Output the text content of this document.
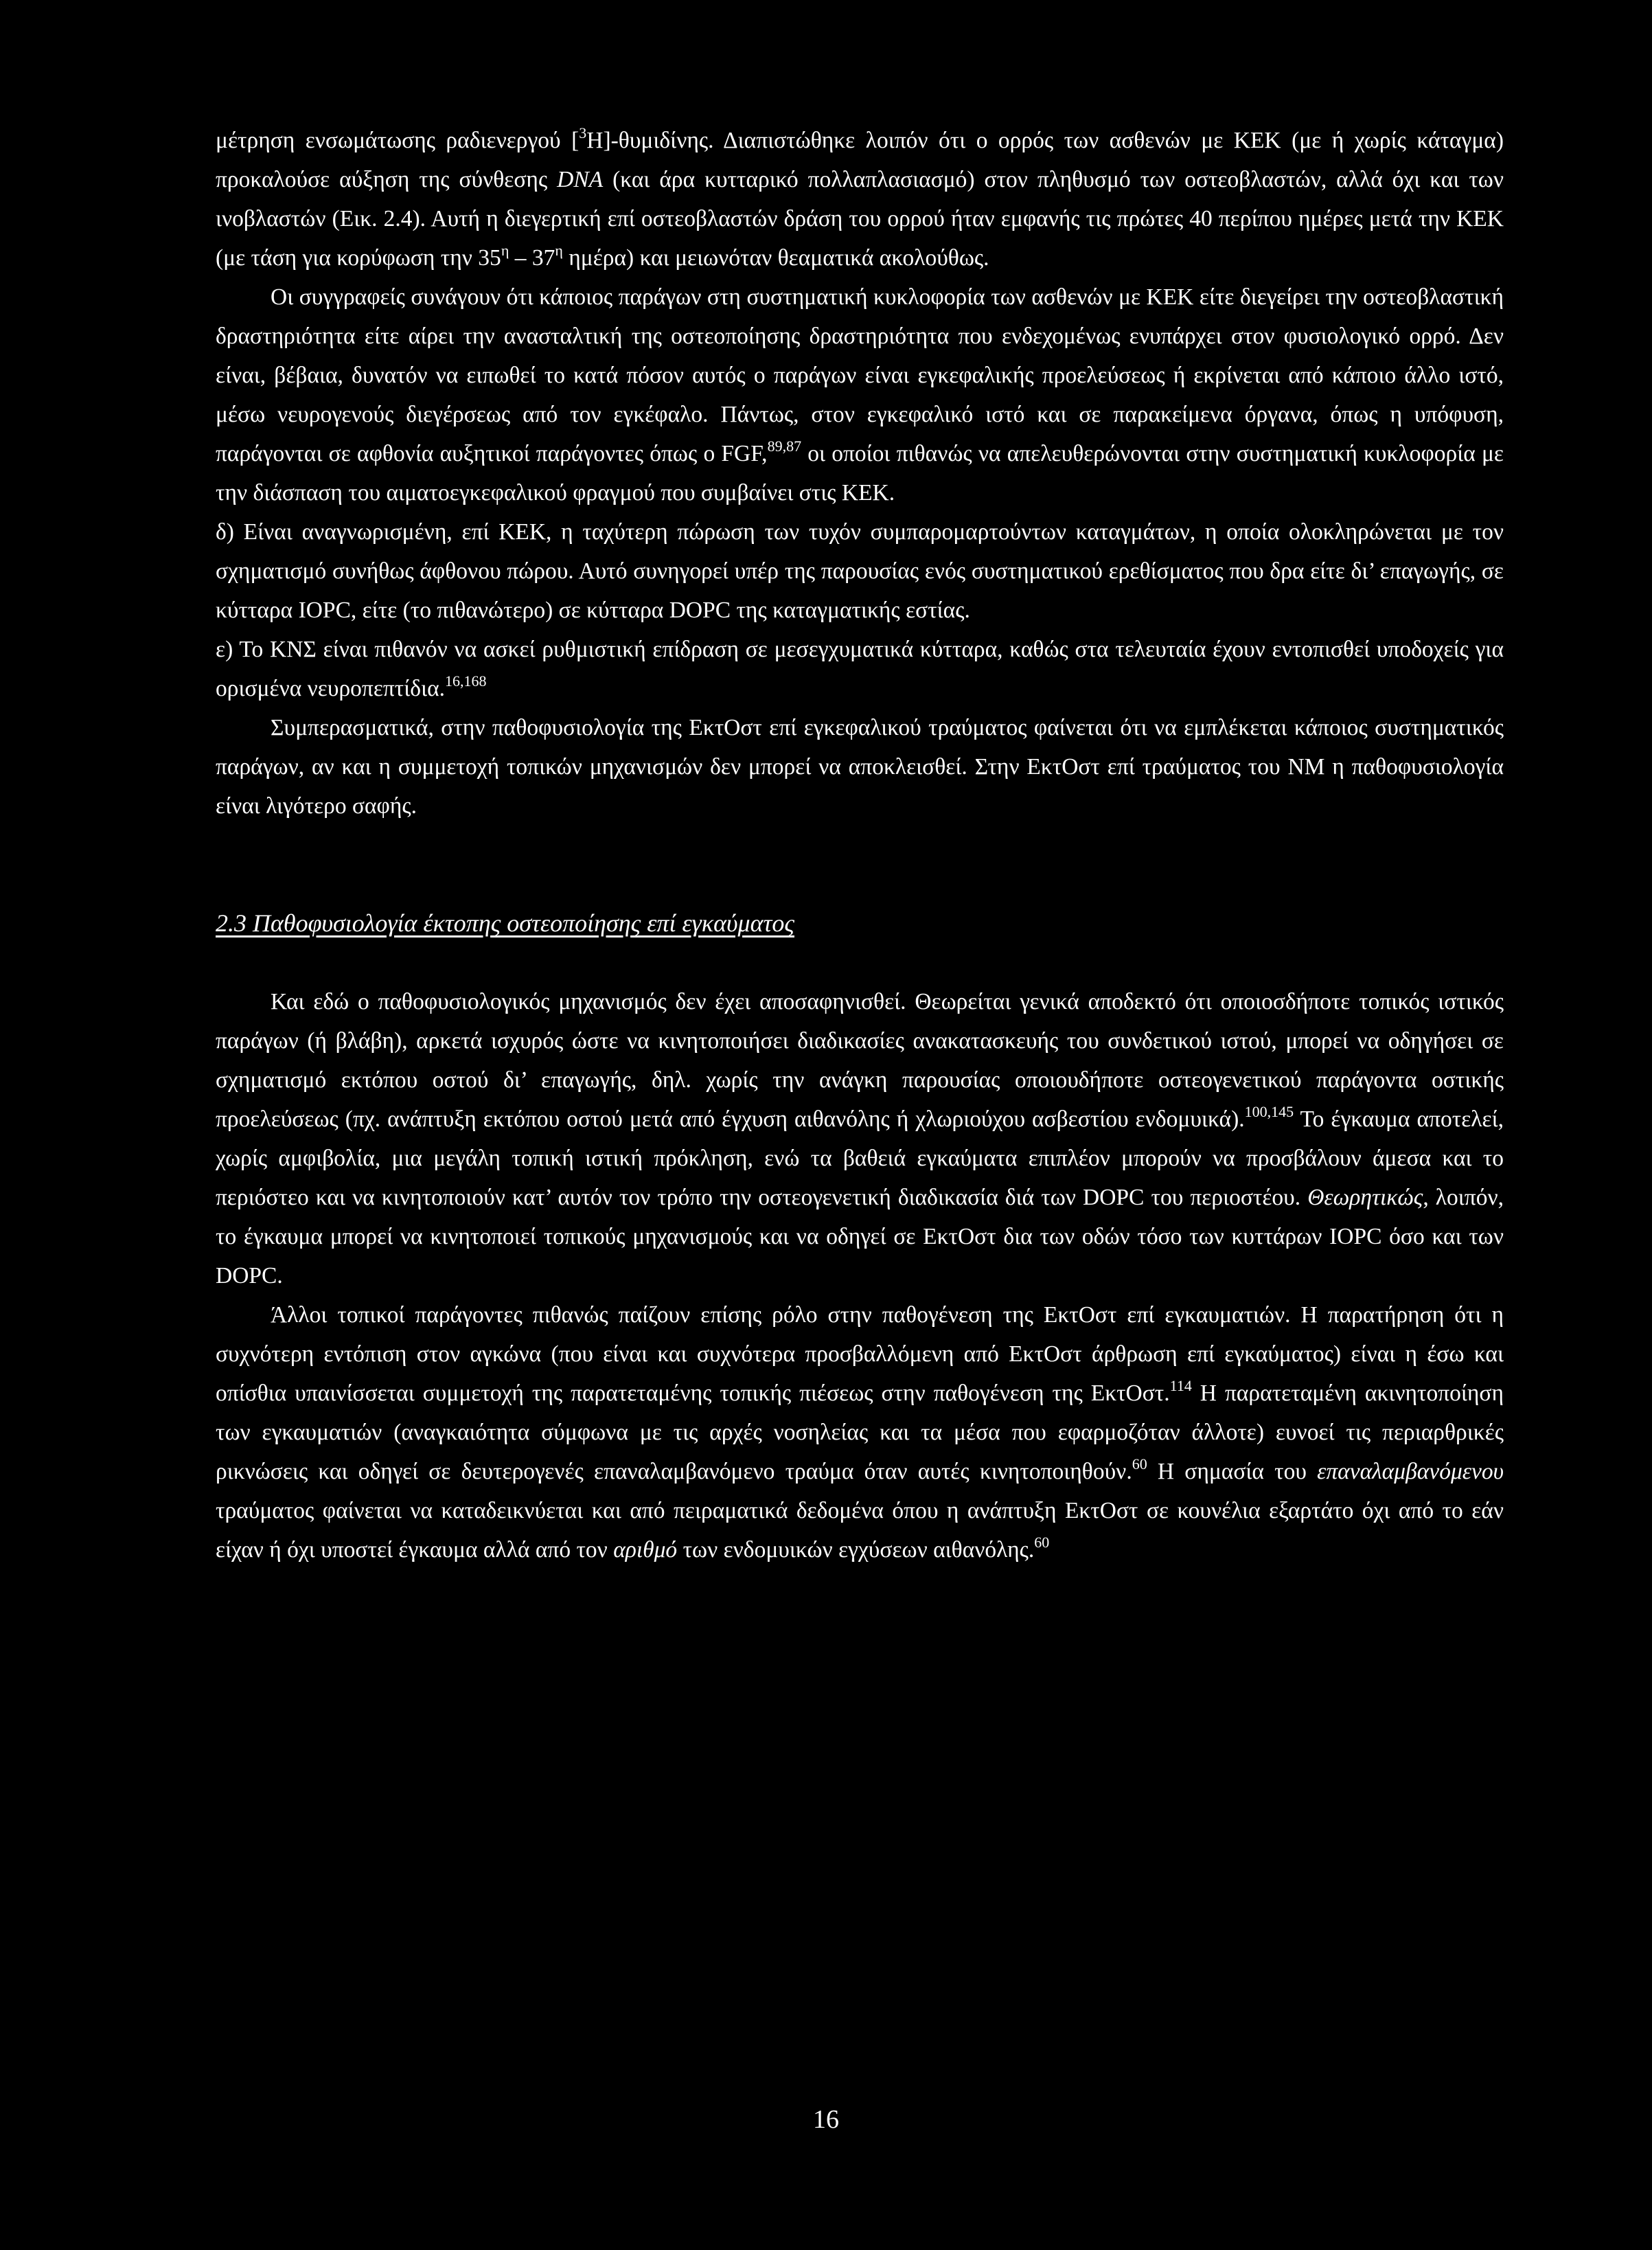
μέτρηση ενσωμάτωσης ραδιενεργού [$^3$Η]-θυμιδίνης. Διαπιστώθηκε λοιπόν ότι ο ορρός των ασθενών με ΚΕΚ (με ή χωρίς κάταγμα) προκαλούσε αύξηση της σύνθεσης DNA (και άρα κυτταρικό πολλαπλασιασμό) στον πληθυσμό των οστεοβλαστών, αλλά όχι και των ινοβλαστών (Εικ. 2.4). Αυτή η διεγερτική επί οστεοβλαστών δράση του ορρού ήταν εμφανής τις πρώτες 40 περίπου ημέρες μετά την ΚΕΚ (με τάση για κορύφωση την $35^\eta - 37^\eta$ ημέρα) και μειωνόταν θεαματικά ακολούθως.

Οι συγγραφείς συνάγουν ότι κάποιος παράγων στη συστηματική κυκλοφορία των ασθενών με ΚΕΚ είτε διεγείρει την οστεοβλαστική δραστηριότητα είτε αίρει την ανασταλτική της οστεοποίησης δραστηριότητα που ενδεχομένως ενυπάρχει στον φυσιολογικό ορρό. Δεν είναι, βέβαια, δυνατόν να ειπωθεί το κατά πόσον αυτός ο παράγων είναι εγκεφαλικής προελεύσεως ή εκρίνεται από κάποιο άλλο ιστό, μέσω νευρογενούς διεγέρσεως από τον εγκέφαλο. Πάντως, στον εγκεφαλικό ιστό και σε παρακείμενα όργανα, όπως η υπόφυση, παράγονται σε αφθονία αυξητικοί παράγοντες όπως ο FGF,$^{89,87}$ οι οποίοι πιθανώς να απελευθερώνονται στην συστηματική κυκλοφορία με την διάσπαση του αιματοεγκεφαλικού φραγμού που συμβαίνει στις ΚΕΚ.

δ) Είναι αναγνωρισμένη, επί ΚΕΚ, η ταχύτερη πώρωση των τυχόν συμπαρομαρτούντων καταγμάτων, η οποία ολοκληρώνεται με τον σχηματισμό συνήθως άφθονου πώρου. Αυτό συνηγορεί υπέρ της παρουσίας ενός συστηματικού ερεθίσματος που δρα είτε δι’ επαγωγής, σε κύτταρα IOPC, είτε (το πιθανώτερο) σε κύτταρα DOPC της καταγματικής εστίας.

ε) Το ΚΝΣ είναι πιθανόν να ασκεί ρυθμιστική επίδραση σε μεσεγχυματικά κύτταρα, καθώς στα τελευταία έχουν εντοπισθεί υποδοχείς για ορισμένα νευροπεπτίδια.$^{16,168}$

Συμπερασματικά, στην παθοφυσιολογία της ΕκτΟστ επί εγκεφαλικού τραύματος φαίνεται ότι να εμπλέκεται κάποιος συστηματικός παράγων, αν και η συμμετοχή τοπικών μηχανισμών δεν μπορεί να αποκλεισθεί. Στην ΕκτΟστ επί τραύματος του ΝΜ η παθοφυσιολογία είναι λιγότερο σαφής.

2.3 Παθοφυσιολογία έκτοπης οστεοποίησης επί εγκαύματος

Και εδώ ο παθοφυσιολογικός μηχανισμός δεν έχει αποσαφηνισθεί. Θεωρείται γενικά αποδεκτό ότι οποιοσδήποτε τοπικός ιστικός παράγων (ή βλάβη), αρκετά ισχυρός ώστε να κινητοποιήσει διαδικασίες ανακατασκευής του συνδετικού ιστού, μπορεί να οδηγήσει σε σχηματισμό εκτόπου οστού δι’ επαγωγής, δηλ. χωρίς την ανάγκη παρουσίας οποιουδήποτε οστεογενετικού παράγοντα οστικής προελεύσεως (πχ. ανάπτυξη εκτόπου οστού μετά από έγχυση αιθανόλης ή χλωριούχου ασβεστίου ενδομυικά).$^{100,145}$ Το έγκαυμα αποτελεί, χωρίς αμφιβολία, μια μεγάλη τοπική ιστική πρόκληση, ενώ τα βαθειά εγκαύματα επιπλέον μπορούν να προσβάλουν άμεσα και το περιόστεο και να κινητοποιούν κατ’ αυτόν τον τρόπο την οστεογενετική διαδικασία διά των DOPC του περιοστέου. Θεωρητικώς, λοιπόν, το έγκαυμα μπορεί να κινητοποιεί τοπικούς μηχανισμούς και να οδηγεί σε ΕκτΟστ δια των οδών τόσο των κυττάρων IOPC όσο και των DOPC.

Άλλοι τοπικοί παράγοντες πιθανώς παίζουν επίσης ρόλο στην παθογένεση της ΕκτΟστ επί εγκαυματιών. Η παρατήρηση ότι η συχνότερη εντόπιση στον αγκώνα (που είναι και συχνότερα προσβαλλόμενη από ΕκτΟστ άρθρωση επί εγκαύματος) είναι η έσω και οπίσθια υπαινίσσεται συμμετοχή της παρατεταμένης τοπικής πιέσεως στην παθογένεση της ΕκτΟστ.$^{114}$ Η παρατεταμένη ακινητοποίηση των εγκαυματιών (αναγκαιότητα σύμφωνα με τις αρχές νοσηλείας και τα μέσα που εφαρμοζόταν άλλοτε) ευνοεί τις περιαρθρικές ρικνώσεις και οδηγεί σε δευτερογενές επαναλαμβανόμενο τραύμα όταν αυτές κινητοποιηθούν.$^{60}$ Η σημασία του επαναλαμβανόμενου τραύματος φαίνεται να καταδεικνύεται και από πειραματικά δεδομένα όπου η ανάπτυξη ΕκτΟστ σε κουνέλια εξαρτάτο όχι από το εάν είχαν ή όχι υποστεί έγκαυμα αλλά από τον αριθμό των ενδομυικών εγχύσεων αιθανόλης.$^{60}$

16
